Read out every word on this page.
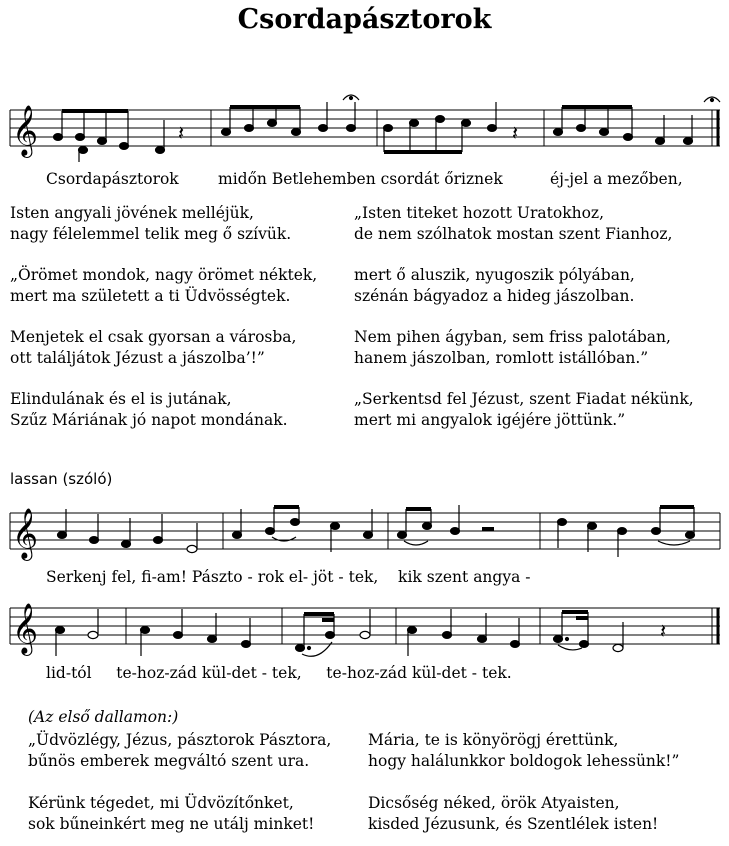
Csordapásztorok
𝄞	𝄽	𝄽
Csordapásztorok	midőn Betlehemben csordát őriznek	éj-jel a mezőben,
Isten angyali jövének melléjük,
nagy félelemmel telik meg ő szívük.
„Isten titeket hozott Uratokhoz,
de nem szólhatok mostan szent Fianhoz,
„Örömet mondok, nagy örömet néktek,
mert ma született a ti Üdvösségtek.
mert ő aluszik, nyugoszik pólyában,
szénán bágyadoz a hideg jászolban.
Menjetek el csak gyorsan a városba,
ott találjátok Jézust a jászolba’!”
Nem pihen ágyban, sem friss palotában,
hanem jászolban, romlott istállóban.”
Elindulának és el is jutának,
Szűz Máriának jó napot mondának.
„Serkentsd fel Jézust, szent Fiadat nékünk,
mert mi angyalok igéjére jöttünk.”
lassan (szóló)
𝄞
Serkenj fel, fi-am! Pászto - rok el- jöt - tek, kik szent angya -
𝄞	𝄽
lid-tól te-hoz-zád kül-det - tek, te-hoz-zád kül-det - tek.
(Az első dallamon:)
„Üdvözlégy, Jézus, pásztorok Pásztora,
bűnös emberek megváltó szent ura.
Mária, te is könyörögj érettünk,
hogy halálunkkor boldogok lehessünk!”
Kérünk tégedet, mi Üdvözítőnket,
sok bűneinkért meg ne utálj minket!
Dicsőség néked, örök Atyaisten,
kisded Jézusunk, és Szentlélek isten!
